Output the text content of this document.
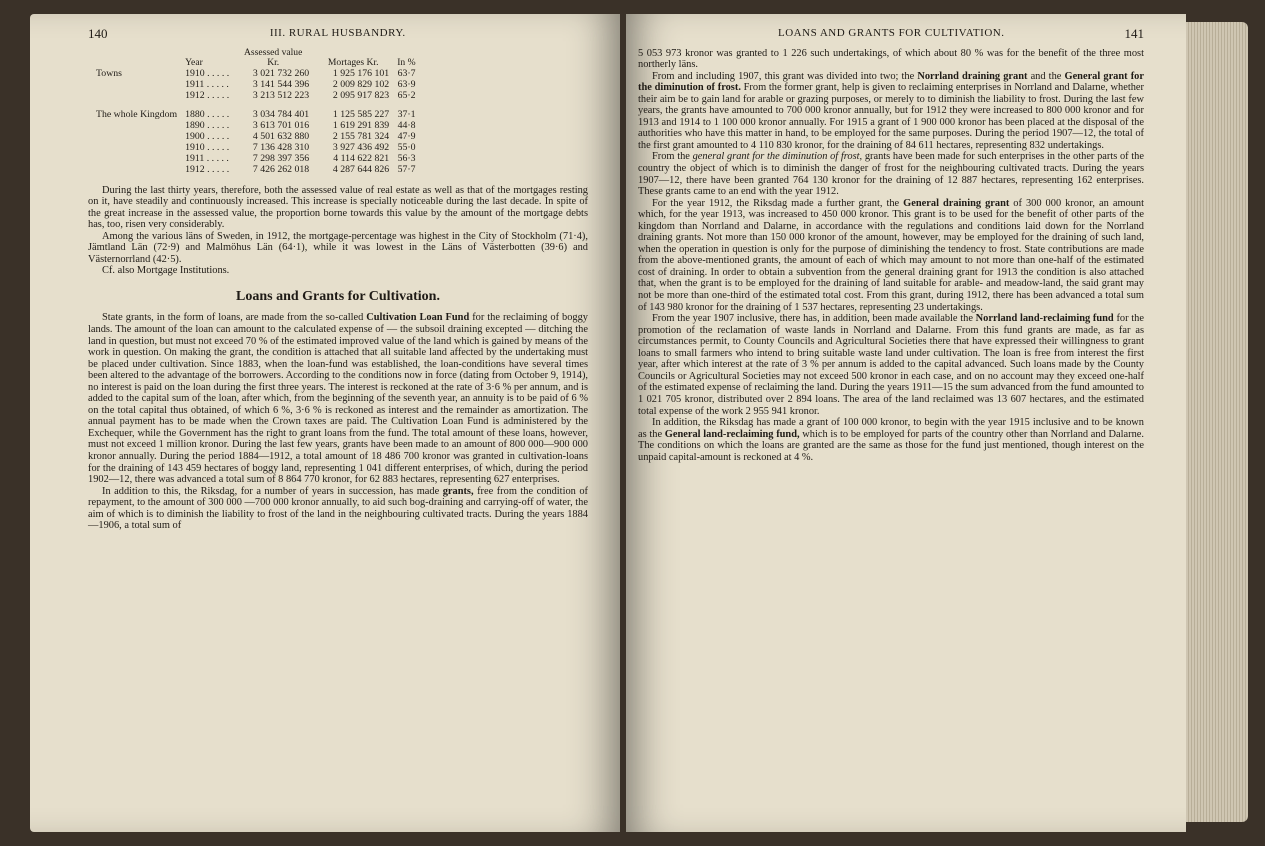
140	III. RURAL HUSBANDRY.
	Year	Assessed value Kr.	Mortages Kr.	In %
Towns	1910 . . . . .	3 021 732 260	1 925 176 101	63·7
	1911 . . . . .	3 141 544 396	2 009 829 102	63·9
	1912 . . . . .	3 213 512 223	2 095 917 823	65·2

The whole Kingdom	1880 . . . . .	3 034 784 401	1 125 585 227	37·1
	1890 . . . . .	3 613 701 016	1 619 291 839	44·8
	1900 . . . . .	4 501 632 880	2 155 781 324	47·9
	1910 . . . . .	7 136 428 310	3 927 436 492	55·0
	1911 . . . . .	7 298 397 356	4 114 622 821	56·3
	1912 . . . . .	7 426 262 018	4 287 644 826	57·7

During the last thirty years, therefore, both the assessed value of real estate as well as that of the mortgages resting on it, have steadily and continuously increased. This increase is specially noticeable during the last decade. In spite of the great increase in the assessed value, the proportion borne towards this value by the amount of the mortgage debts has, too, risen very considerably.

Among the various läns of Sweden, in 1912, the mortgage-percentage was highest in the City of Stockholm (71·4), Jämtland Län (72·9) and Malmöhus Län (64·1), while it was lowest in the Läns of Västerbotten (39·6) and Västernorrland (42·5).

Cf. also Mortgage Institutions.

Loans and Grants for Cultivation.

State grants, in the form of loans, are made from the so-called Cultivation Loan Fund for the reclaiming of boggy lands. The amount of the loan can amount to the calculated expense of — the subsoil draining excepted — ditching the land in question, but must not exceed 70 % of the estimated improved value of the land which is gained by means of the work in question. On making the grant, the condition is attached that all suitable land affected by the undertaking must be placed under cultivation. Since 1883, when the loan-fund was established, the loan-conditions have several times been altered to the advantage of the borrowers. According to the conditions now in force (dating from October 9, 1914), no interest is paid on the loan during the first three years. The interest is reckoned at the rate of 3·6 % per annum, and is added to the capital sum of the loan, after which, from the beginning of the seventh year, an annuity is to be paid of 6 % on the total capital thus obtained, of which 6 %, 3·6 % is reckoned as interest and the remainder as amortization. The annual payment has to be made when the Crown taxes are paid. The Cultivation Loan Fund is administered by the Exchequer, while the Government has the right to grant loans from the fund. The total amount of these loans, however, must not exceed 1 million kronor. During the last few years, grants have been made to an amount of 800 000—900 000 kronor annually. During the period 1884—1912, a total amount of 18 486 700 kronor was granted in cultivation-loans for the draining of 143 459 hectares of boggy land, representing 1 041 different enterprises, of which, during the period 1902—12, there was advanced a total sum of 8 864 770 kronor, for 62 883 hectares, representing 627 enterprises.

In addition to this, the Riksdag, for a number of years in succession, has made grants, free from the condition of repayment, to the amount of 300 000 —700 000 kronor annually, to aid such bog-draining and carrying-off of water, the aim of which is to diminish the liability to frost of the land in the neighbouring cultivated tracts. During the years 1884—1906, a total sum of

LOANS AND GRANTS FOR CULTIVATION.	141

5 053 973 kronor was granted to 1 226 such undertakings, of which about 80 % was for the benefit of the three most northerly läns.

From and including 1907, this grant was divided into two; the Norrland draining grant and the General grant for the diminution of frost. From the former grant, help is given to reclaiming enterprises in Norrland and Dalarne, whether their aim be to gain land for arable or grazing purposes, or merely to to diminish the liability to frost. During the last few years, the grants have amounted to 700 000 kronor annually, but for 1912 they were increased to 800 000 kronor and for 1913 and 1914 to 1 100 000 kronor annually. For 1915 a grant of 1 900 000 kronor has been placed at the disposal of the authorities who have this matter in hand, to be employed for the same purposes. During the period 1907—12, the total of the first grant amounted to 4 110 830 kronor, for the draining of 84 611 hectares, representing 832 undertakings.

From the general grant for the diminution of frost, grants have been made for such enterprises in the other parts of the country the object of which is to diminish the danger of frost for the neighbouring cultivated tracts. During the years 1907—12, there have been granted 764 130 kronor for the draining of 12 887 hectares, representing 162 enterprises. These grants came to an end with the year 1912.

For the year 1912, the Riksdag made a further grant, the General draining grant of 300 000 kronor, an amount which, for the year 1913, was increased to 450 000 kronor. This grant is to be used for the benefit of other parts of the kingdom than Norrland and Dalarne, in accordance with the regulations and conditions laid down for the Norrland draining grants. Not more than 150 000 kronor of the amount, however, may be employed for the draining of such land, when the operation in question is only for the purpose of diminishing the tendency to frost. State contributions are made from the above-mentioned grants, the amount of each of which may amount to not more than one-half of the estimated cost of draining. In order to obtain a subvention from the general draining grant for 1913 the condition is also attached that, when the grant is to be employed for the draining of land suitable for arable- and meadow-land, the said grant may not be more than one-third of the estimated total cost. From this grant, during 1912, there has been advanced a total sum of 143 980 kronor for the draining of 1 537 hectares, representing 23 undertakings.

From the year 1907 inclusive, there has, in addition, been made available the Norrland land-reclaiming fund for the promotion of the reclamation of waste lands in Norrland and Dalarne. From this fund grants are made, as far as circumstances permit, to County Councils and Agricultural Societies there that have expressed their willingness to grant loans to small farmers who intend to bring suitable waste land under cultivation. The loan is free from interest the first year, after which interest at the rate of 3 % per annum is added to the capital advanced. Such loans made by the County Councils or Agricultural Societies may not exceed 500 kronor in each case, and on no account may they exceed one-half of the estimated expense of reclaiming the land. During the years 1911—15 the sum advanced from the fund amounted to 1 021 705 kronor, distributed over 2 894 loans. The area of the land reclaimed was 13 607 hectares, and the estimated total expense of the work 2 955 941 kronor.

In addition, the Riksdag has made a grant of 100 000 kronor, to begin with the year 1915 inclusive and to be known as the General land-reclaiming fund, which is to be employed for parts of the country other than Norrland and Dalarne. The conditions on which the loans are granted are the same as those for the fund just mentioned, though interest on the unpaid capital-amount is reckoned at 4 %.
